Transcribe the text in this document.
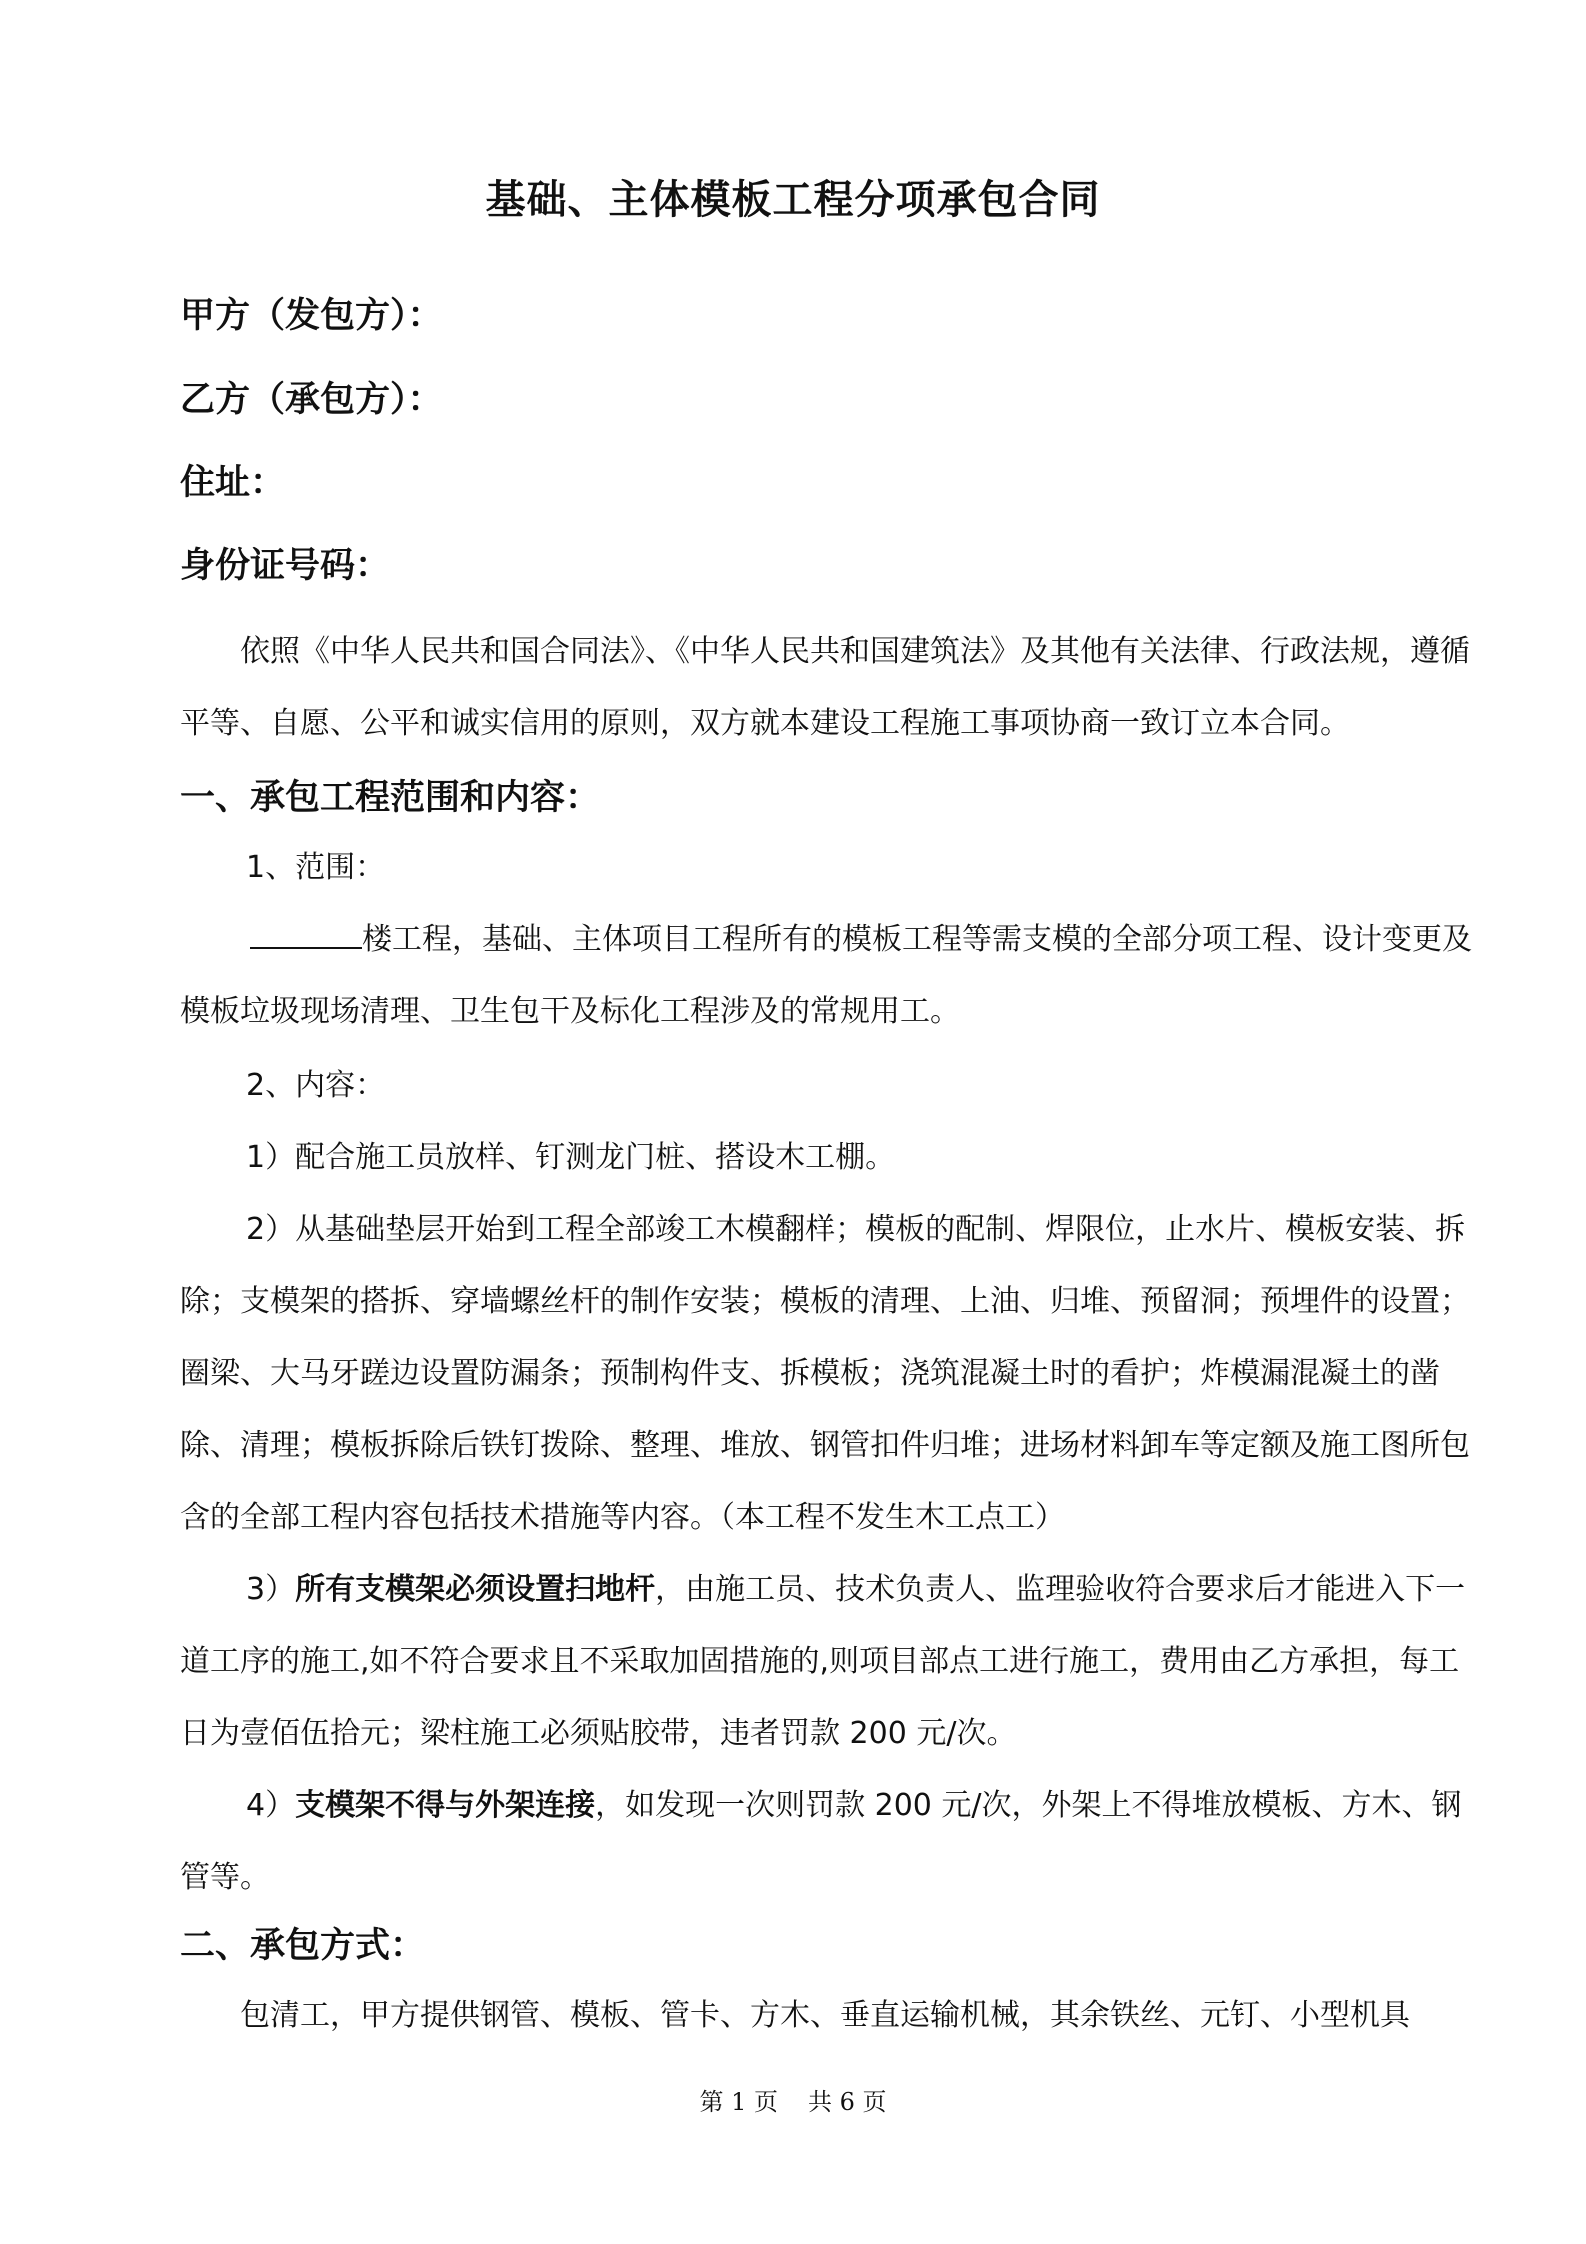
基础、主体模板工程分项承包合同
甲方（发包方）：
乙方（承包方）：
住址：
身份证号码：

依照《中华人民共和国合同法》、《中华人民共和国建筑法》及其他有关法律、行政法规，遵循平等、自愿、公平和诚实信用的原则，双方就本建设工程施工事项协商一致订立本合同。

一、承包工程范围和内容：

1、范围：

楼工程，基础、主体项目工程所有的模板工程等需支模的全部分项工程、设计变更及模板垃圾现场清理、卫生包干及标化工程涉及的常规用工。

2、内容：

1）配合施工员放样、钉测龙门桩、搭设木工棚。

2）从基础垫层开始到工程全部竣工木模翻样；模板的配制、焊限位，止水片、模板安装、拆除；支模架的搭拆、穿墙螺丝杆的制作安装；模板的清理、上油、归堆、预留洞；预埋件的设置；圈梁、大马牙蹉边设置防漏条；预制构件支、拆模板；浇筑混凝土时的看护；炸模漏混凝土的凿除、清理；模板拆除后铁钉拨除、整理、堆放、钢管扣件归堆；进场材料卸车等定额及施工图所包含的全部工程内容包括技术措施等内容。（本工程不发生木工点工）

3）所有支模架必须设置扫地杆，由施工员、技术负责人、监理验收符合要求后才能进入下一道工序的施工,如不符合要求且不采取加固措施的,则项目部点工进行施工，费用由乙方承担，每工日为壹佰伍拾元；梁柱施工必须贴胶带，违者罚款 200 元/次。

4）支模架不得与外架连接，如发现一次则罚款 200 元/次，外架上不得堆放模板、方木、钢管等。

二、承包方式：

包清工，甲方提供钢管、模板、管卡、方木、垂直运输机械，其余铁丝、元钉、小型机具

第 1 页 共 6 页
